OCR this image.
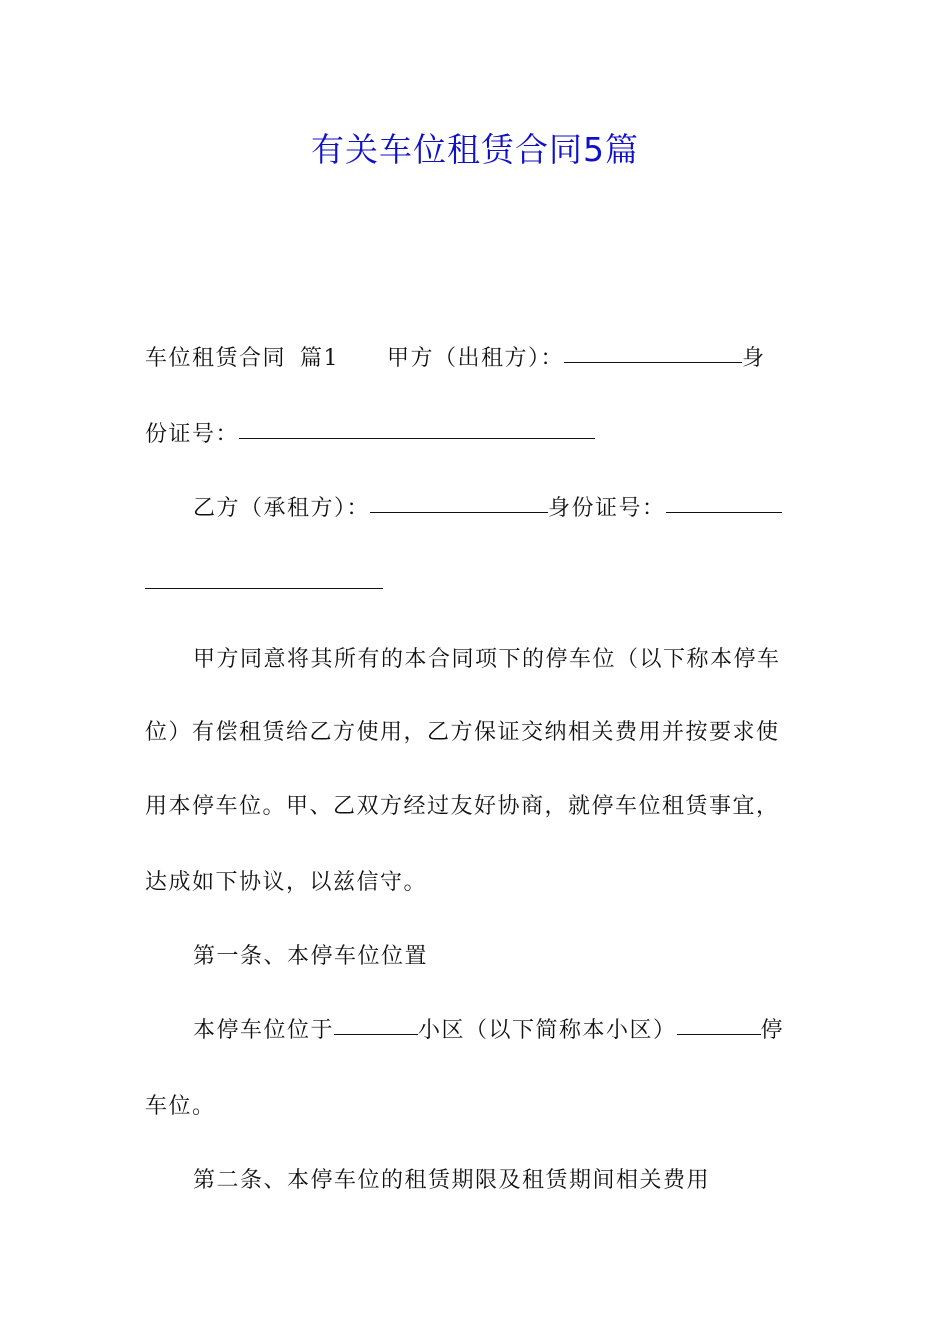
有关车位租赁合同5篇
车位租赁合同 篇1 甲方（出租方）：	身
份证号：
乙方（承租方）：	身份证号：
甲方同意将其所有的本合同项下的停车位（以下称本停车
位）有偿租赁给乙方使用，乙方保证交纳相关费用并按要求使
用本停车位。甲、乙双方经过友好协商，就停车位租赁事宜，
达成如下协议，以兹信守。
第一条、本停车位位置
本停车位位于	小区（以下简称本小区）	停
车位。
第二条、本停车位的租赁期限及租赁期间相关费用
